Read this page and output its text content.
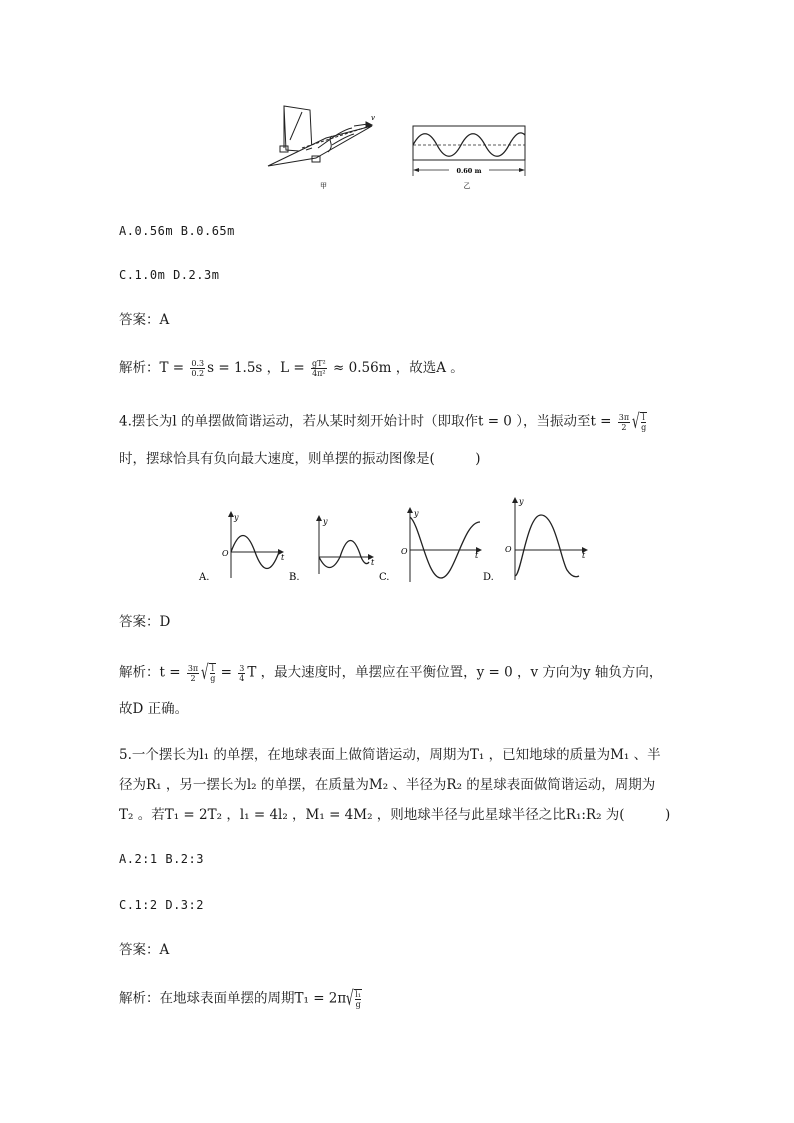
v
甲
0.60 m
乙
A.0.56m B.0.65m
C.1.0m D.2.3m
答案：A
解析：$T = \frac{0.3}{0.2}$ s = 1.5s ，$L = \frac{\text{gT²}}{\text{4π²}} \approx 0.56m$ ，故选A 。
4.摆长为l 的单摆做简谐运动，若从某时刻开始计时（即取作t = 0 ），当振动至$t = \frac{3\pi}{2}$ √ $\frac{l}{g}$
时，摆球恰具有负向最大速度，则单摆的振动图像是(　　　)
y
t
O
A.
y
t
B.
y
t
O
C.
y
t
O
D.
答案：D
解析：$t = \frac{3\pi}{2}$ √ $\frac{l}{g} = \frac{3}{4}$ T ，最大速度时，单摆应在平衡位置，y = 0 ，v 方向为y 轴负方向，
故D 正确。
5.一个摆长为l₁ 的单摆，在地球表面上做简谐运动，周期为T₁ ，已知地球的质量为M₁ 、半
径为R₁ ，另一摆长为l₂ 的单摆，在质量为M₂ 、半径为R₂ 的星球表面做简谐运动，周期为
T₂ 。若T₁ = 2T₂ ，l₁ = 4l₂ ，M₁ = 4M₂ ，则地球半径与此星球半径之比R₁:R₂ 为(　　　)
A.2:1 B.2:3
C.1:2 D.3:2
答案：A
解析：在地球表面单摆的周期T₁ = 2π √ $\frac{\text{l₁}}{g}$
